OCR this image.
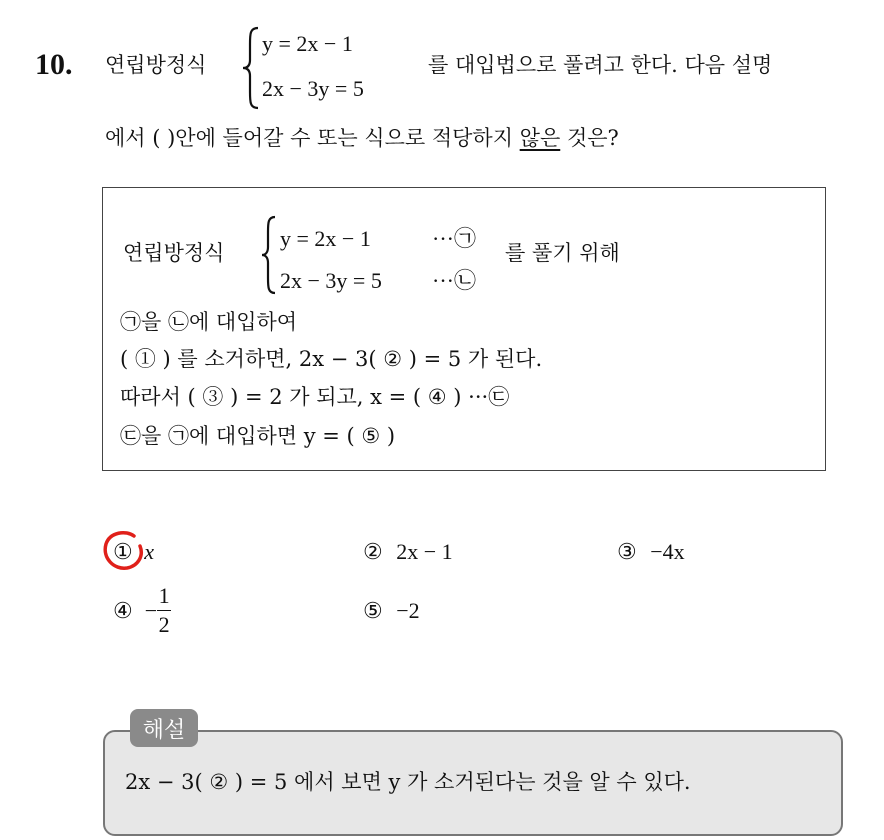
10. 연립방정식
y = 2x − 1
2x − 3y = 5
를 대입법으로 풀려고 한다. 다음 설명
에서 ( )안에 들어갈 수 또는 식으로 적당하지 않은 것은?
연립방정식
y = 2x − 1	···㉠
2x − 3y = 5 ···㉡
를 풀기 위해
㉠을 ㉡에 대입하여
( ① ) 를 소거하면, 2x − 3( ② ) = 5 가 된다.
따라서 ( ③ ) = 2 가 되고, x = ( ④ ) ···㉢
㉢을 ㉠에 대입하면 y = ( ⑤ )
① x	② 2x − 1	③ −4x
④ − $\frac{1}{2}$	⑤ −2
해설
2x − 3( ② ) = 5 에서 보면 y 가 소거된다는 것을 알 수 있다.
